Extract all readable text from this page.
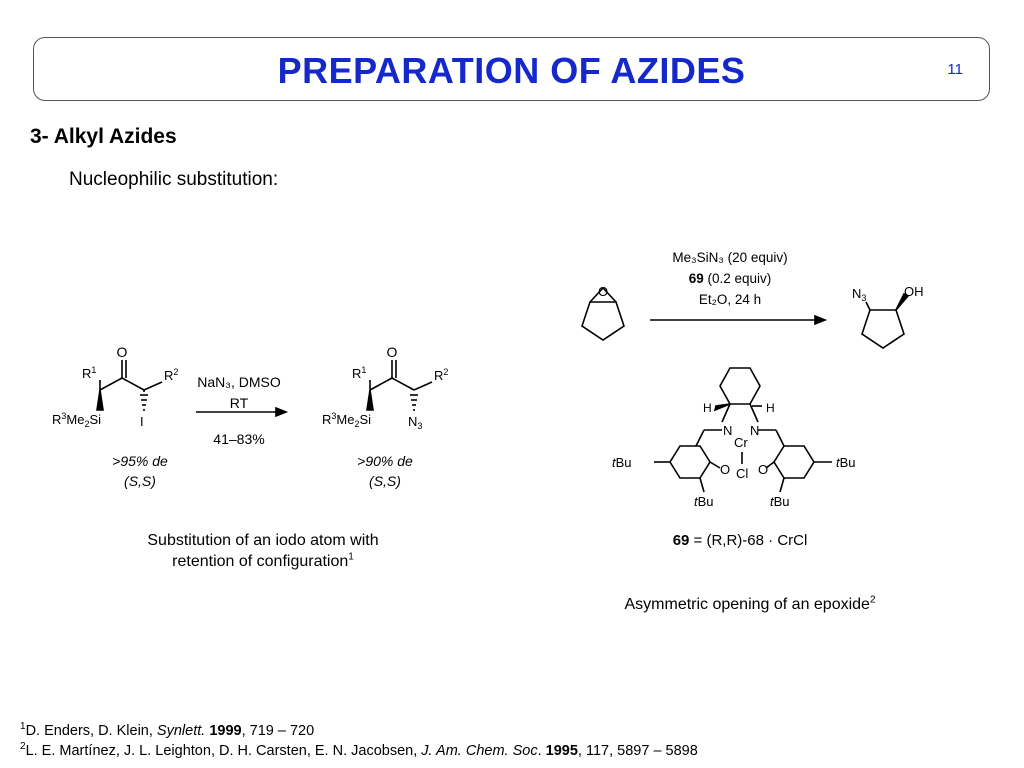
PREPARATION OF AZIDES	11
3- Alkyl Azides
Nucleophilic substitution:
O
$R^1$	$R^2$
$R^3Me_2Si$	I
O
$R^1$	$R^2$
$R^3Me_2Si$	$N_3$
NaN₃, DMSO
RT
41–83%
>95% de
(S,S)
>90% de
(S,S)
Substitution of an iodo atom with
retention of configuration$^1$
O	$N_3$	OH
H	H
N N
Cr
Cl
O O
tBu
tBu
tBu
tBu
Me₃SiN₃ (20 equiv)
69 (0.2 equiv)
Et₂O, 24 h
69 = (R,R)-68 · CrCl
Asymmetric opening of an epoxide$^2$
$^1$D. Enders, D. Klein, Synlett. 1999, 719 – 720
$^2$L. E. Martínez, J. L. Leighton, D. H. Carsten, E. N. Jacobsen, J. Am. Chem. Soc. 1995, 117, 5897 – 5898
